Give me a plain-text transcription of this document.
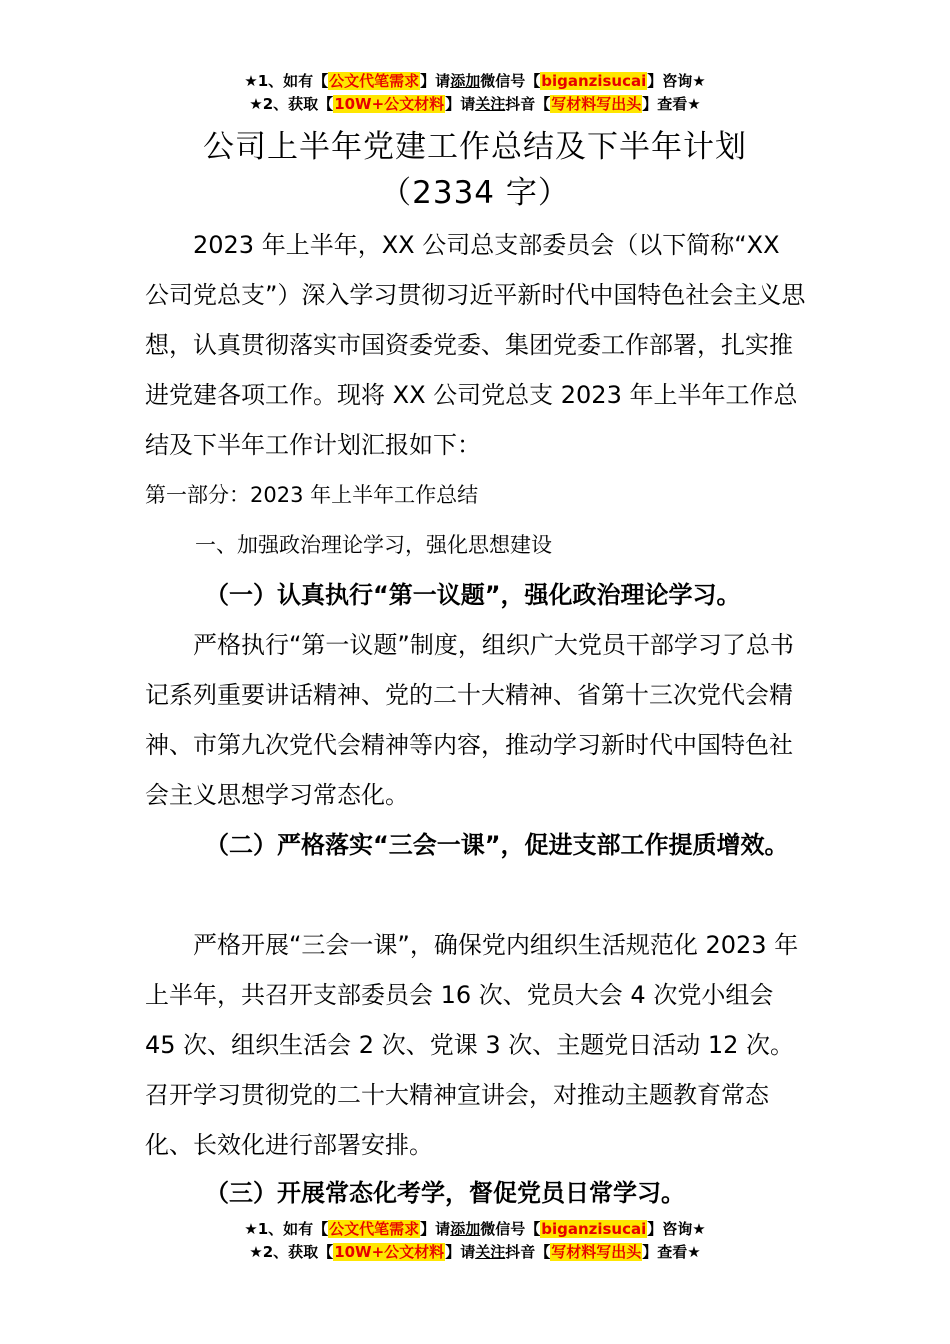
★1、如有【公文代笔需求】请添加微信号【biganzisucai】咨询★
★2、获取【10W+公文材料】请关注抖音【写材料写出头】查看★
公司上半年党建工作总结及下半年计划
（2334 字）

2023 年上半年，XX 公司总支部委员会（以下简称“XX 公司党总支”）深入学习贯彻习近平新时代中国特色社会主义思想，认真贯彻落实市国资委党委、集团党委工作部署，扎实推进党建各项工作。现将 XX 公司党总支 2023 年上半年工作总结及下半年工作计划汇报如下：

第一部分：2023 年上半年工作总结
一、加强政治理论学习，强化思想建设
（一）认真执行“第一议题”，强化政治理论学习。

严格执行“第一议题”制度，组织广大党员干部学习了总书记系列重要讲话精神、党的二十大精神、省第十三次党代会精神、市第九次党代会精神等内容，推动学习新时代中国特色社会主义思想学习常态化。

（二）严格落实“三会一课”，促进支部工作提质增效。

严格开展“三会一课”，确保党内组织生活规范化 2023 年上半年，共召开支部委员会 16 次、党员大会 4 次党小组会 45 次、组织生活会 2 次、党课 3 次、主题党日活动 12 次。召开学习贯彻党的二十大精神宣讲会，对推动主题教育常态化、长效化进行部署安排。

（三）开展常态化考学，督促党员日常学习。
★1、如有【公文代笔需求】请添加微信号【biganzisucai】咨询★
★2、获取【10W+公文材料】请关注抖音【写材料写出头】查看★
